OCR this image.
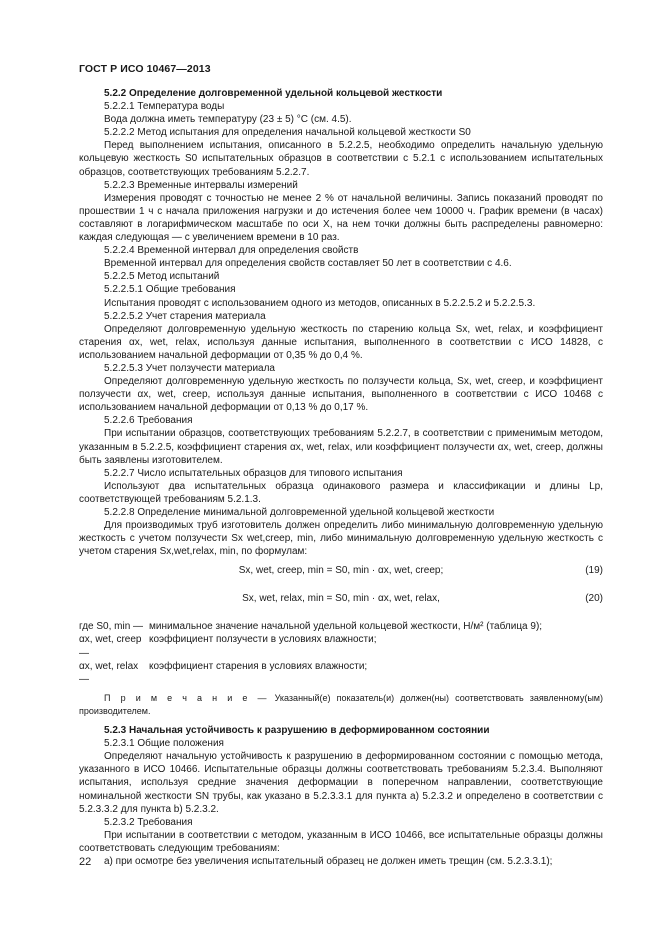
ГОСТ Р ИСО 10467—2013

5.2.2 Определение долговременной удельной кольцевой жесткости

5.2.2.1 Температура воды

Вода должна иметь температуру (23 ± 5) °С (см. 4.5).

5.2.2.2 Метод испытания для определения начальной кольцевой жесткости S0

Перед выполнением испытания, описанного в 5.2.2.5, необходимо определить начальную удельную кольцевую жесткость S0 испытательных образцов в соответствии с 5.2.1 с использованием испытательных образцов, соответствующих требованиям 5.2.2.7.

5.2.2.3 Временные интервалы измерений

Измерения проводят с точностью не менее 2 % от начальной величины. Запись показаний проводят по прошествии 1 ч с начала приложения нагрузки и до истечения более чем 10000 ч. График времени (в часах) составляют в логарифмическом масштабе по оси X, на нем точки должны быть распределены равномерно: каждая следующая — с увеличением времени в 10 раз.

5.2.2.4 Временной интервал для определения свойств

Временной интервал для определения свойств составляет 50 лет в соответствии с 4.6.

5.2.2.5 Метод испытаний

5.2.2.5.1 Общие требования

Испытания проводят с использованием одного из методов, описанных в 5.2.2.5.2 и 5.2.2.5.3.

5.2.2.5.2 Учет старения материала

Определяют долговременную удельную жесткость по старению кольца Sx, wet, relax, и коэффициент старения αx, wet, relax, используя данные испытания, выполненного в соответствии с ИСО 14828, с использованием начальной деформации от 0,35 % до 0,4 %.

5.2.2.5.3 Учет ползучести материала

Определяют долговременную удельную жесткость по ползучести кольца, Sx, wet, creep, и коэффициент ползучести αx, wet, creep, используя данные испытания, выполненного в соответствии с ИСО 10468 с использованием начальной деформации от 0,13 % до 0,17 %.

5.2.2.6 Требования

При испытании образцов, соответствующих требованиям 5.2.2.7, в соответствии с применимым методом, указанным в 5.2.2.5, коэффициент старения αx, wet, relax, или коэффициент ползучести αx, wet, creep, должны быть заявлены изготовителем.

5.2.2.7 Число испытательных образцов для типового испытания

Используют два испытательных образца одинакового размера и классификации и длины Lp, соответствующей требованиям 5.2.1.3.

5.2.2.8 Определение минимальной долговременной удельной кольцевой жесткости

Для производимых труб изготовитель должен определить либо минимальную долговременную удельную жесткость с учетом ползучести Sx wet,creep, min, либо минимальную долговременную удельную жесткость с учетом старения Sx,wet,relax, min, по формулам:

Sx, wet, creep, min = S0, min · αx, wet, creep;	(19)
Sx, wet, relax, min = S0, min · αx, wet, relax,	(20)
где S0, min — минимальное значение начальной удельной кольцевой жесткости, Н/м² (таблица 9);
αx, wet, creep —
коэффициент ползучести в условиях влажности;
αx, wet, relax —
коэффициент старения в условиях влажности;

П р и м е ч а н и е — Указанный(е) показатель(и) должен(ны) соответствовать заявленному(ым) производителем.

5.2.3 Начальная устойчивость к разрушению в деформированном состоянии

5.2.3.1 Общие положения

Определяют начальную устойчивость к разрушению в деформированном состоянии с помощью метода, указанного в ИСО 10466. Испытательные образцы должны соответствовать требованиям 5.2.3.4. Выполняют испытания, используя средние значения деформации в поперечном направлении, соответствующие номинальной жесткости SN трубы, как указано в 5.2.3.3.1 для пункта а) 5.2.3.2 и определено в соответствии с 5.2.3.3.2 для пункта b) 5.2.3.2.

5.2.3.2 Требования

При испытании в соответствии с методом, указанным в ИСО 10466, все испытательные образцы должны соответствовать следующим требованиям:

а) при осмотре без увеличения испытательный образец не должен иметь трещин (см. 5.2.3.3.1);

22
